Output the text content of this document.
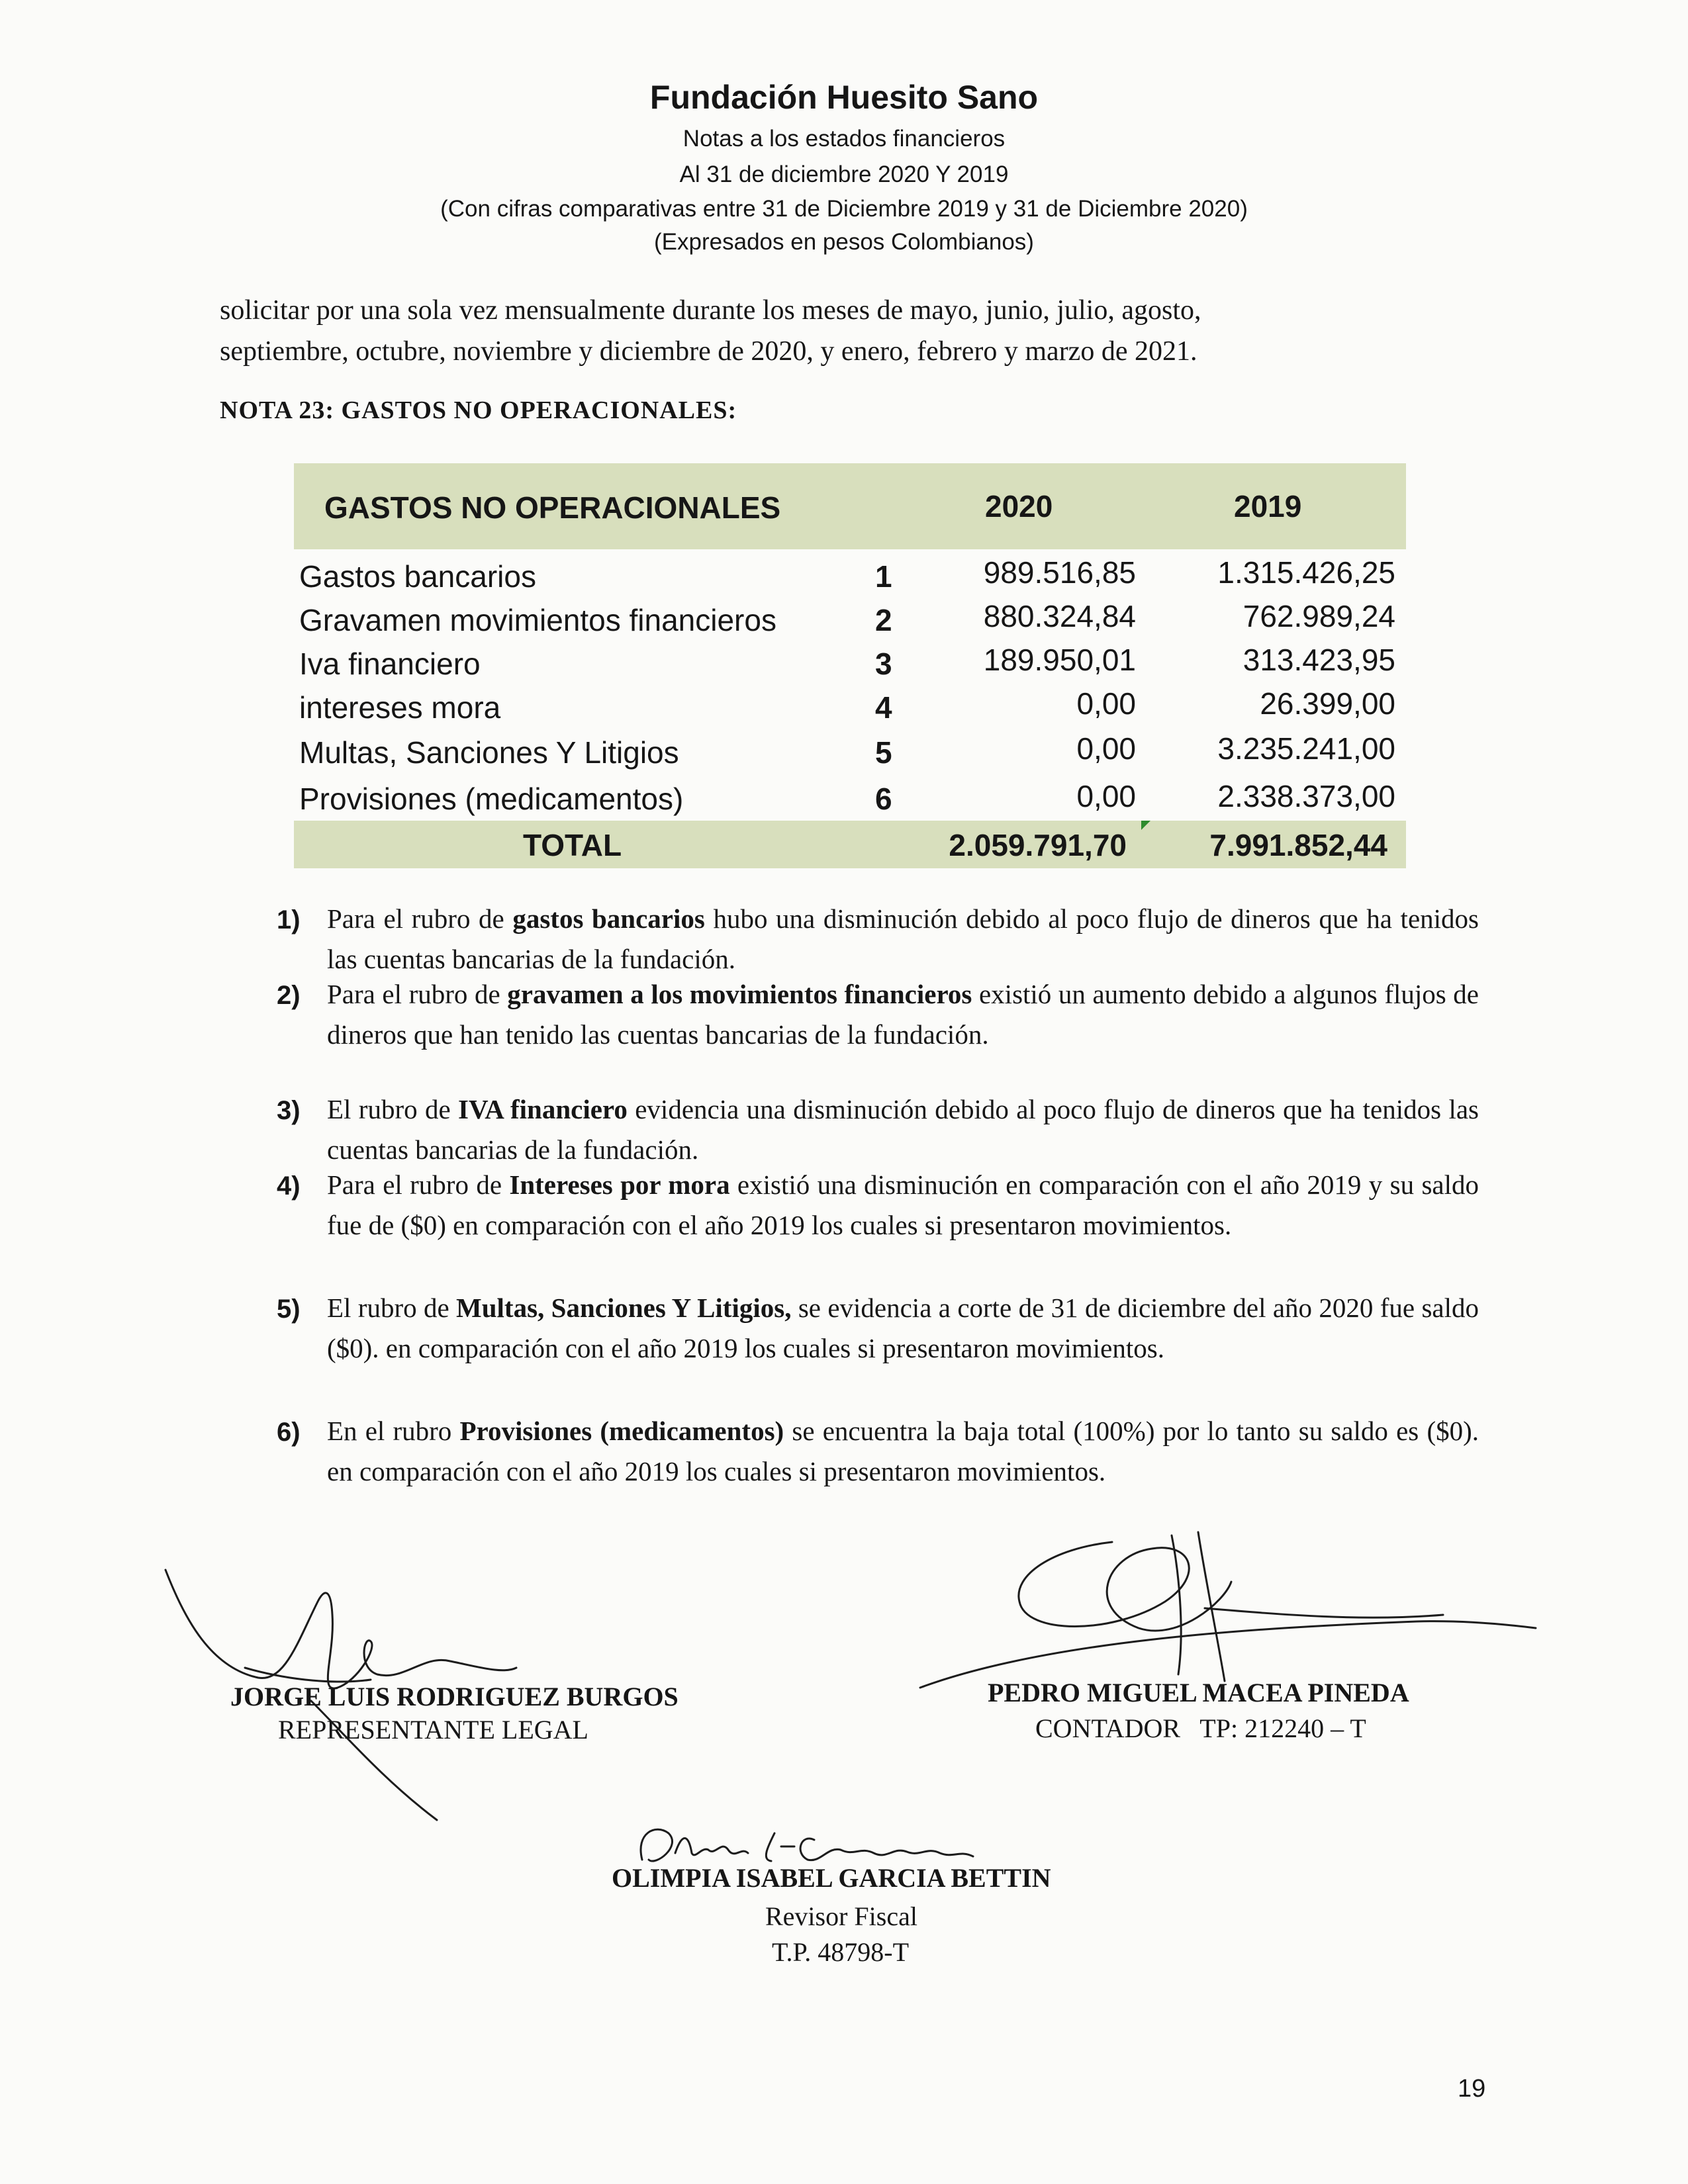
Fundación Huesito Sano
Notas a los estados financieros
Al 31 de diciembre 2020 Y 2019
(Con cifras comparativas entre 31 de Diciembre 2019 y 31 de Diciembre 2020)
(Expresados en pesos Colombianos)
solicitar por una sola vez mensualmente durante los meses de mayo, junio, julio, agosto,
septiembre, octubre, noviembre y diciembre de 2020, y enero, febrero y marzo de 2021.
NOTA 23: GASTOS NO OPERACIONALES:
GASTOS NO OPERACIONALES	2020	2019
Gastos bancarios	1	989.516,85	1.315.426,25
Gravamen movimientos financieros	2	880.324,84	762.989,24
Iva financiero	3	189.950,01	313.423,95
intereses mora	4	0,00	26.399,00
Multas, Sanciones Y Litigios	5	0,00	3.235.241,00
Provisiones (medicamentos)	6	0,00	2.338.373,00
TOTAL	2.059.791,70	7.991.852,44
1) Para el rubro de gastos bancarios hubo una disminución debido al poco flujo de dineros que ha tenidos las cuentas bancarias de la fundación.
2) Para el rubro de gravamen a los movimientos financieros existió un aumento debido a algunos flujos de dineros que han tenido las cuentas bancarias de la fundación.
3) El rubro de IVA financiero evidencia una disminución debido al poco flujo de dineros que ha tenidos las cuentas bancarias de la fundación.
4) Para el rubro de Intereses por mora existió una disminución en comparación con el año 2019 y su saldo fue de ($0) en comparación con el año 2019 los cuales si presentaron movimientos.
5) El rubro de Multas, Sanciones Y Litigios, se evidencia a corte de 31 de diciembre del año 2020 fue saldo ($0). en comparación con el año 2019 los cuales si presentaron movimientos.
6) En el rubro Provisiones (medicamentos) se encuentra la baja total (100%) por lo tanto su saldo es ($0). en comparación con el año 2019 los cuales si presentaron movimientos.
JORGE LUIS RODRIGUEZ BURGOS
REPRESENTANTE LEGAL
PEDRO MIGUEL MACEA PINEDA
CONTADOR   TP: 212240 – T
OLIMPIA ISABEL GARCIA BETTIN
Revisor Fiscal
T.P. 48798-T
19
